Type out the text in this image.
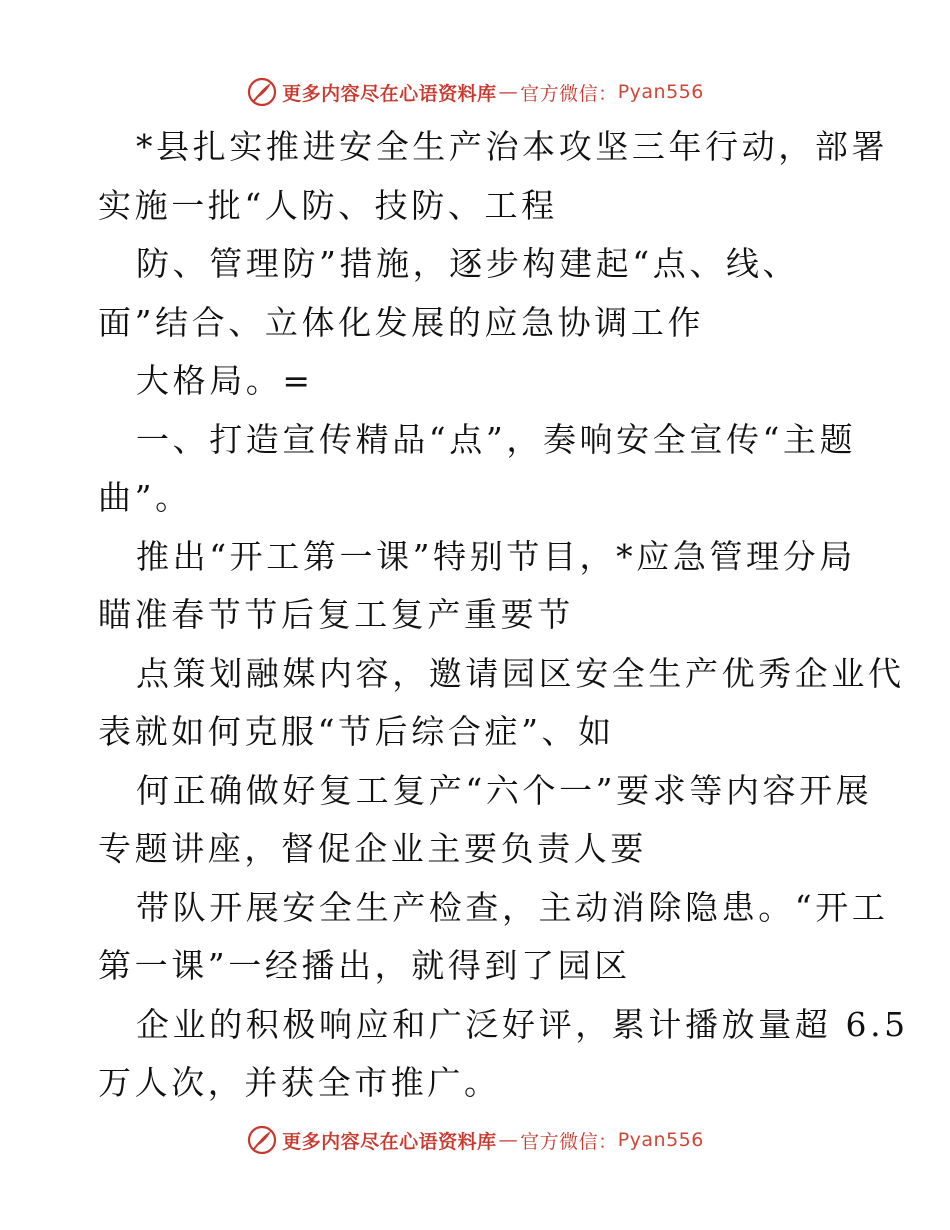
更多内容尽在心语资料库 — 官方微信： Pyan556
*县扎实推进安全生产治本攻坚三年行动，部署
实施一批“人防、技防、工程
防、管理防”措施，逐步构建起“点、线、
面”结合、立体化发展的应急协调工作
大格局。=
一、打造宣传精品“点”，奏响安全宣传“主题
曲”。
推出“开工第一课”特别节目，*应急管理分局
瞄准春节节后复工复产重要节
点策划融媒内容，邀请园区安全生产优秀企业代
表就如何克服“节后综合症”、如
何正确做好复工复产“六个一”要求等内容开展
专题讲座，督促企业主要负责人要
带队开展安全生产检查，主动消除隐患。“开工
第一课”一经播出，就得到了园区
企业的积极响应和广泛好评，累计播放量超 6.5
万人次，并获全市推广。
更多内容尽在心语资料库 — 官方微信： Pyan556
